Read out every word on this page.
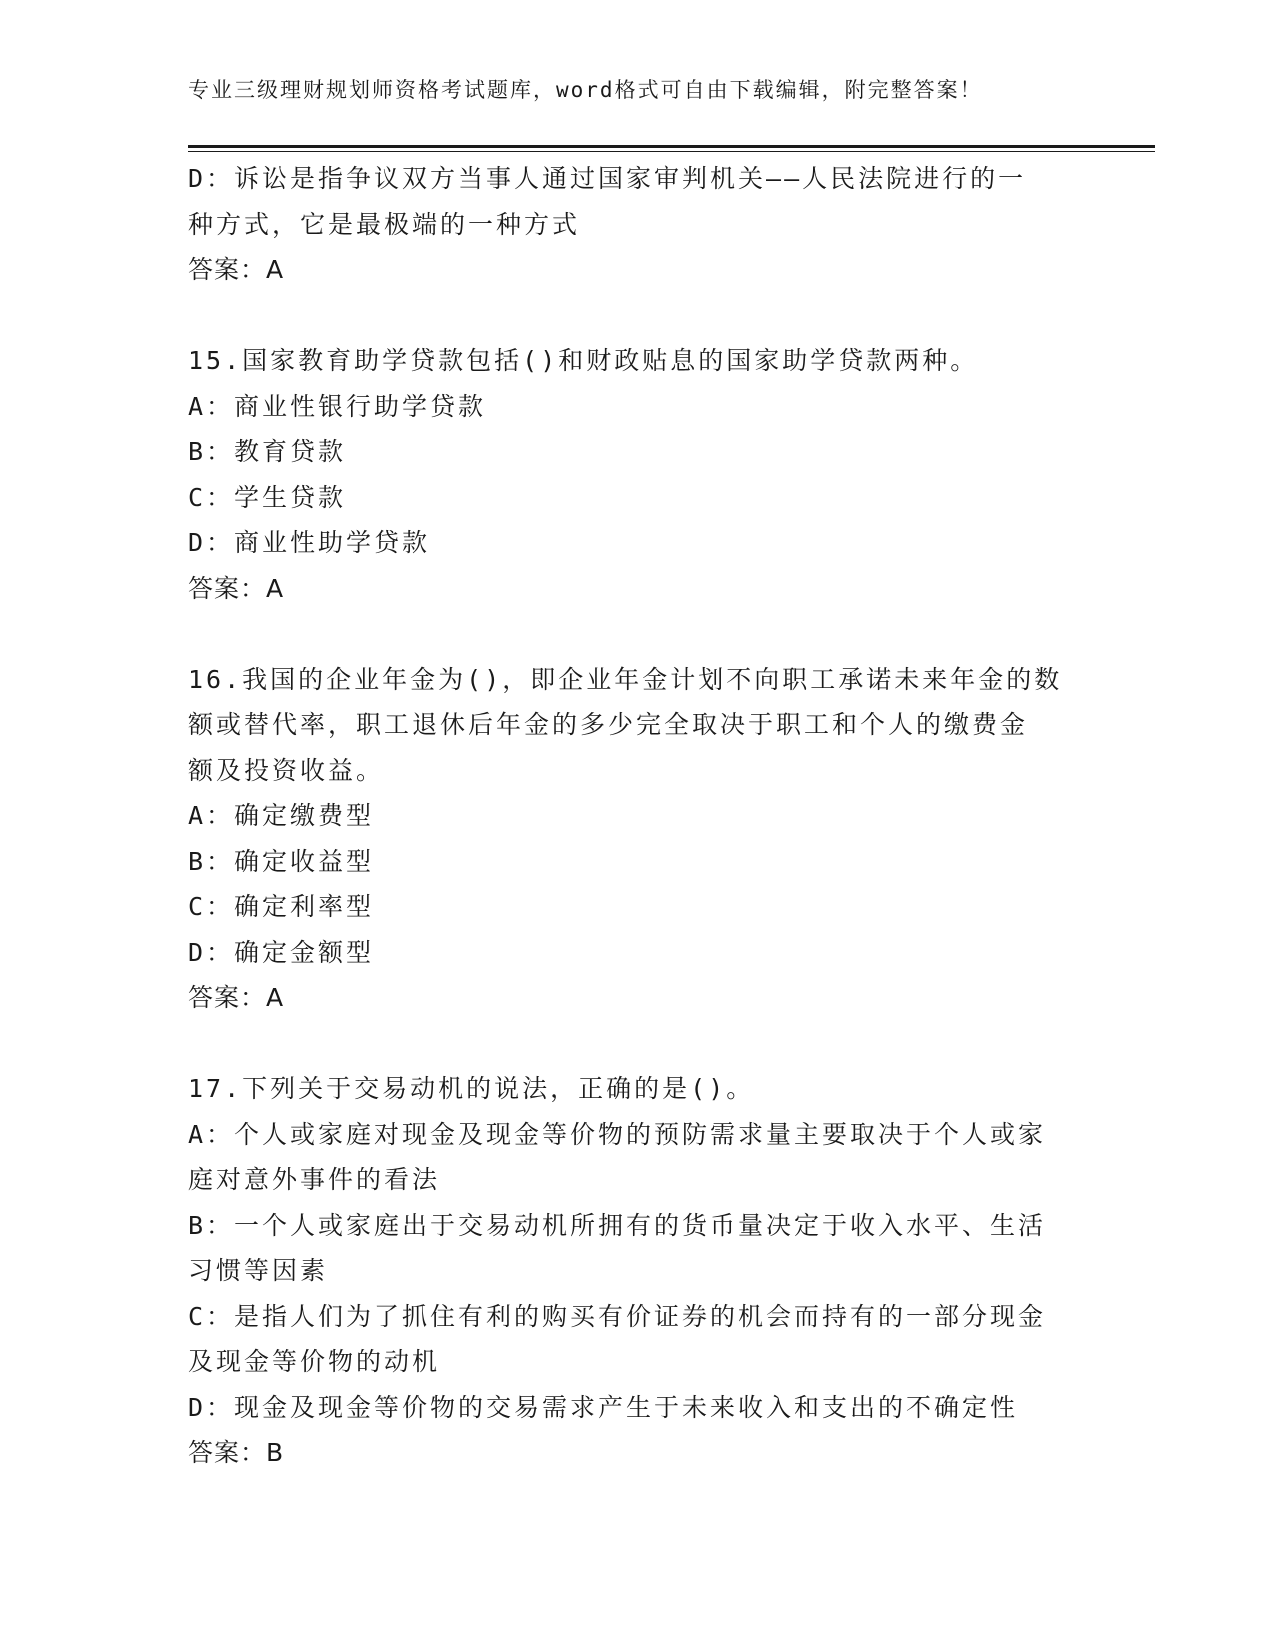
专业三级理财规划师资格考试题库，word格式可自由下载编辑，附完整答案！
D：诉讼是指争议双方当事人通过国家审判机关——人民法院进行的一
种方式，它是最极端的一种方式
答案：A
15.国家教育助学贷款包括()和财政贴息的国家助学贷款两种。
A：商业性银行助学贷款
B：教育贷款
C：学生贷款
D：商业性助学贷款
答案：A
16.我国的企业年金为()，即企业年金计划不向职工承诺未来年金的数
额或替代率，职工退休后年金的多少完全取决于职工和个人的缴费金
额及投资收益。
A：确定缴费型
B：确定收益型
C：确定利率型
D：确定金额型
答案：A
17.下列关于交易动机的说法，正确的是()。
A：个人或家庭对现金及现金等价物的预防需求量主要取决于个人或家
庭对意外事件的看法
B：一个人或家庭出于交易动机所拥有的货币量决定于收入水平、生活
习惯等因素
C：是指人们为了抓住有利的购买有价证券的机会而持有的一部分现金
及现金等价物的动机
D：现金及现金等价物的交易需求产生于未来收入和支出的不确定性
答案：B
